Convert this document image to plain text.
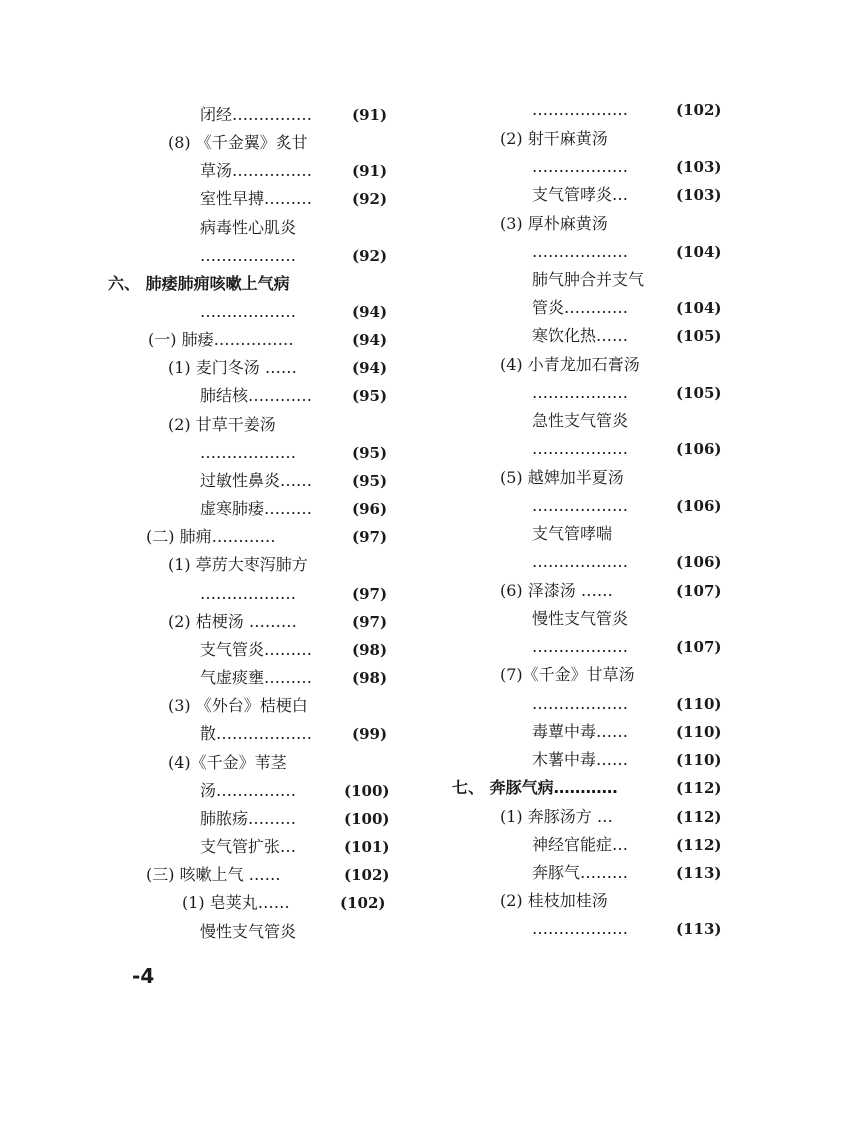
闭经……………	(91)
(8) 《千金翼》炙甘
草汤……………	(91)
室性早搏………	(92)
病毒性心肌炎
………………	(92)
六、 肺痿肺痈咳嗽上气病
………………	(94)
(一) 肺痿……………	(94)
(1) 麦门冬汤 ……	(94)
肺结核…………	(95)
(2) 甘草干姜汤
………………	(95)
过敏性鼻炎……	(95)
虚寒肺痿………	(96)
(二) 肺痈…………	(97)
(1) 葶苈大枣泻肺方
………………	(97)
(2) 桔梗汤 ………	(97)
支气管炎………	(98)
气虚痰壅………	(98)
(3) 《外台》桔梗白
散………………	(99)
(4)《千金》苇茎
汤……………	(100)
肺脓疡………	(100)
支气管扩张…	(101)
(三) 咳嗽上气 ……	(102)
(1) 皂荚丸……	(102)
慢性支气管炎
………………	(102)
(2) 射干麻黄汤
………………	(103)
支气管哮炎…	(103)
(3) 厚朴麻黄汤
………………	(104)
肺气肿合并支气
管炎…………	(104)
寒饮化热……	(105)
(4) 小青龙加石膏汤
………………	(105)
急性支气管炎
………………	(106)
(5) 越婢加半夏汤
………………	(106)
支气管哮喘
………………	(106)
(6) 泽漆汤 ……	(107)
慢性支气管炎
………………	(107)
(7)《千金》甘草汤
………………	(110)
毒蕈中毒……	(110)
木薯中毒……	(110)
七、 奔豚气病…………	(112)
(1) 奔豚汤方 …	(112)
神经官能症…	(112)
奔豚气………	(113)
(2) 桂枝加桂汤
………………	(113)
-4
